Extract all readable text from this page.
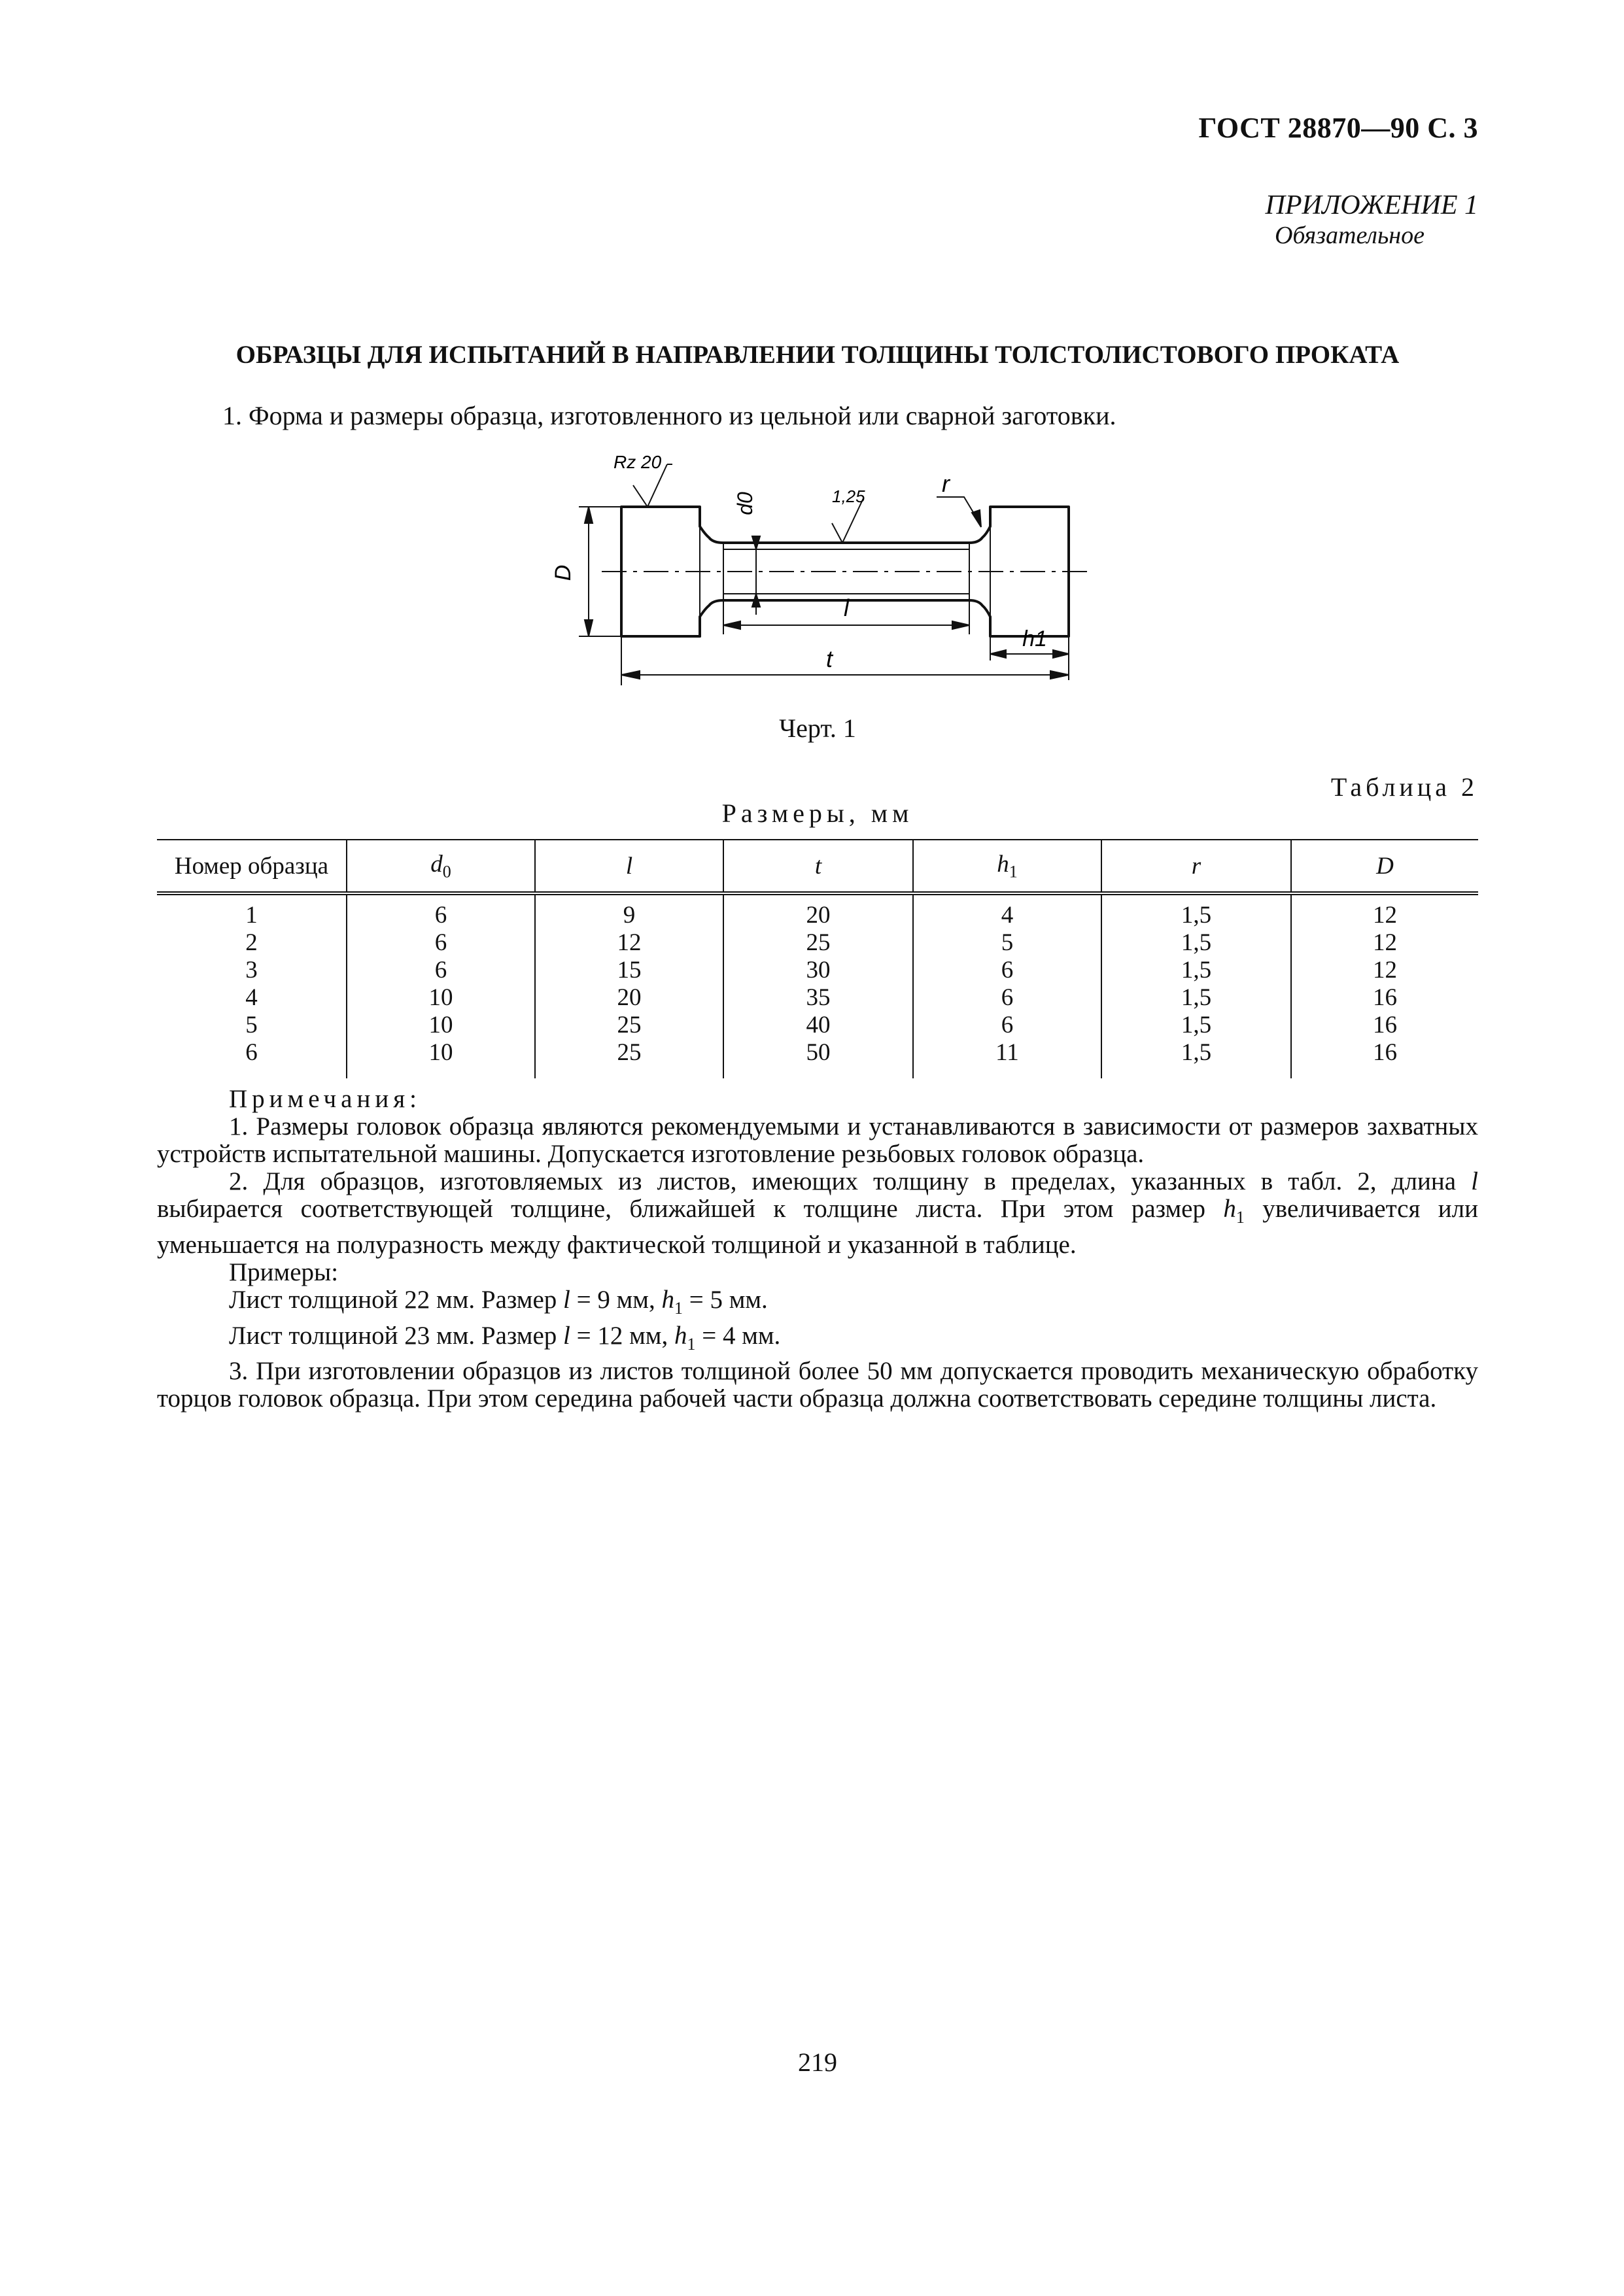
ГОСТ 28870—90 С. 3
ПРИЛОЖЕНИЕ 1
Обязательное
ОБРАЗЦЫ ДЛЯ ИСПЫТАНИЙ В НАПРАВЛЕНИИ ТОЛЩИНЫ ТОЛСТОЛИСТОВОГО ПРОКАТА
1. Форма и размеры образца, изготовленного из цельной или сварной заготовки.
D
d0
l
h1
t
Rz 20
1,25	r
Черт. 1
Таблица 2
Размеры, мм
Номер образца	$d_0$	l	t	$h_1$	r	D
1	6	9	20	4	1,5	12
2	6	12	25	5	1,5	12
3	6	15	30	6	1,5	12
4	10	20	35	6	1,5	16
5	10	25	40	6	1,5	16
6	10	25	50	11	1,5	16

Примечания:

1. Размеры головок образца являются рекомендуемыми и устанавливаются в зависимости от размеров захватных устройств испытательной машины. Допускается изготовление резьбовых головок образца.

2. Для образцов, изготовляемых из листов, имеющих толщину в пределах, указанных в табл. 2, длина l выбирается соответствующей толщине, ближайшей к толщине листа. При этом размер $h_1$ увеличивается или уменьшается на полуразность между фактической толщиной и указанной в таблице.

Примеры:

Лист толщиной 22 мм. Размер l = 9 мм, $h_1 = 5$ мм.

Лист толщиной 23 мм. Размер l = 12 мм, $h_1 = 4$ мм.

3. При изготовлении образцов из листов толщиной более 50 мм допускается проводить механическую обработку торцов головок образца. При этом середина рабочей части образца должна соответствовать середине толщины листа.

219
